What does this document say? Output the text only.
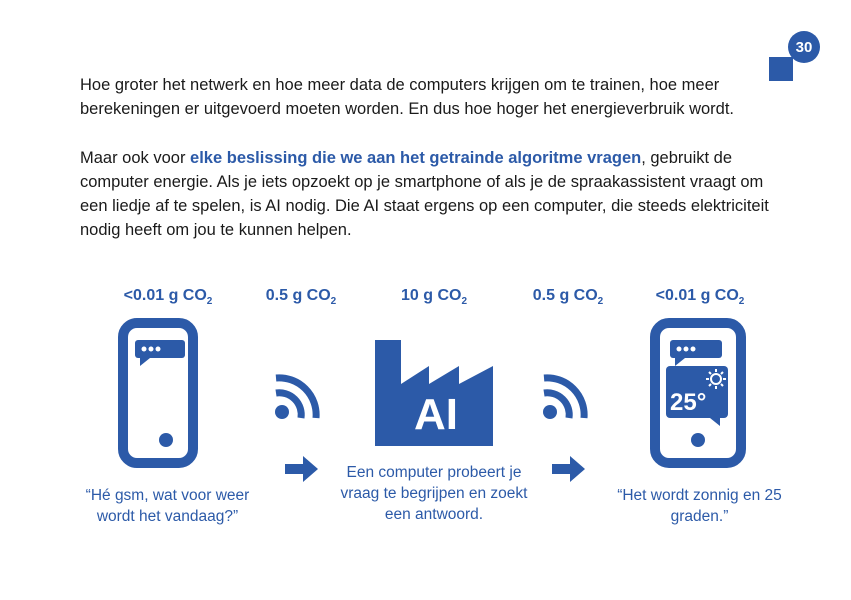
30

Hoe groter het netwerk en hoe meer data de computers krijgen om te trainen, hoe meer berekeningen er uitgevoerd moeten worden. En dus hoe hoger het energieverbruik wordt.

Maar ook voor elke beslissing die we aan het getrainde algoritme vragen, gebruikt de computer energie. Als je iets opzoekt op je smartphone of als je de spraakassistent vraagt om een liedje af te spelen, is AI nodig. Die AI staat ergens op een computer, die steeds elektriciteit nodig heeft om jou te kunnen helpen.

<0.01 g $CO_2$	0.5 g $CO_2$	10 g $CO_2$	0.5 g $CO_2$	<0.01 g $CO_2$
AI	25°
“Hé gsm, wat voor weer wordt het vandaag?”
Een computer probeert je vraag te begrijpen en zoekt een antwoord.
“Het wordt zonnig en 25 graden.”
